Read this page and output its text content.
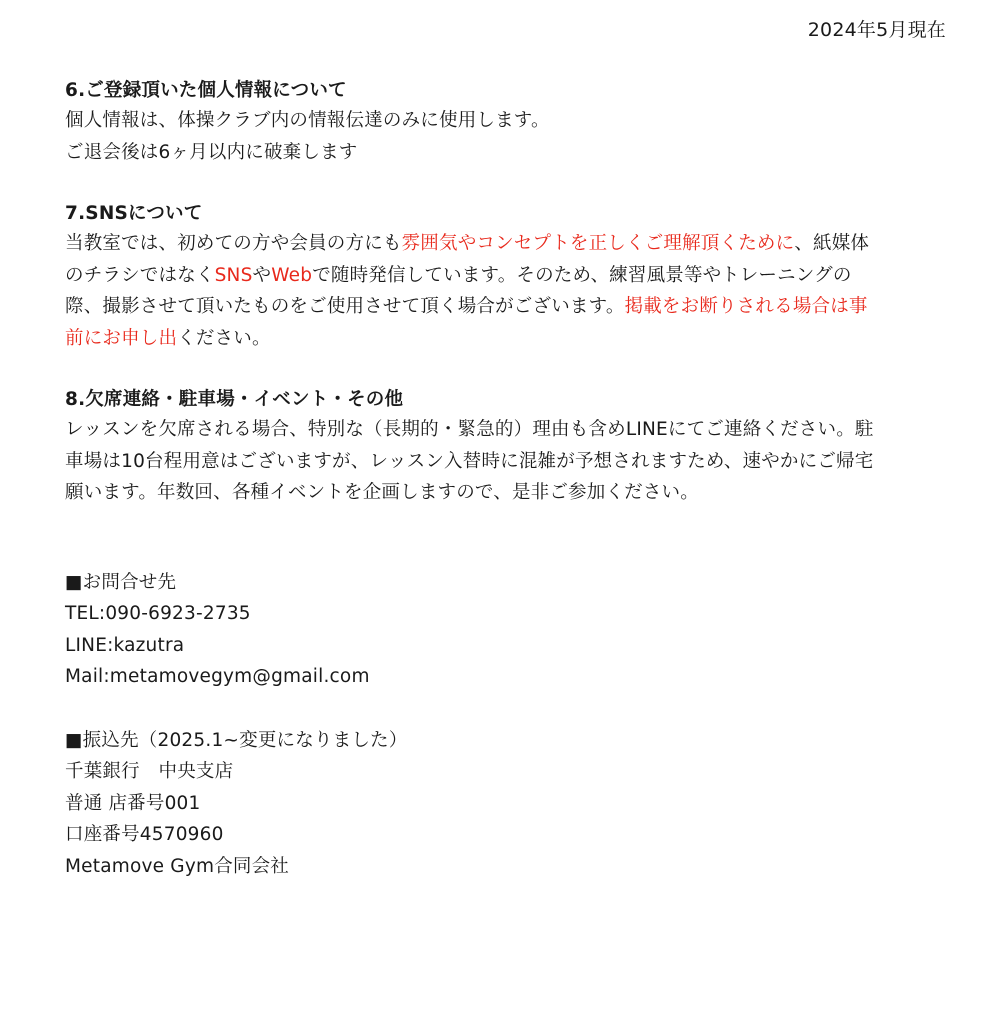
2024年5月現在
6.ご登録頂いた個人情報について
個人情報は、体操クラブ内の情報伝達のみに使用します。
ご退会後は6ヶ月以内に破棄します
7.SNSについて
当教室では、初めての方や会員の方にも雰囲気やコンセプトを正しくご理解頂くために、紙媒体
のチラシではなくSNSやWebで随時発信しています。そのため、練習風景等やトレーニングの
際、撮影させて頂いたものをご使用させて頂く場合がございます。掲載をお断りされる場合は事
前にお申し出ください。
8.欠席連絡・駐車場・イベント・その他
レッスンを欠席される場合、特別な（長期的・緊急的）理由も含めLINEにてご連絡ください。駐
車場は10台程用意はございますが、レッスン入替時に混雑が予想されますため、速やかにご帰宅
願います。年数回、各種イベントを企画しますので、是非ご参加ください。
■お問合せ先
TEL:090-6923-2735
LINE:kazutra
Mail:metamovegym@gmail.com
■振込先（2025.1~変更になりました）
千葉銀行　中央支店
普通 店番号001
口座番号4570960
Metamove Gym合同会社
